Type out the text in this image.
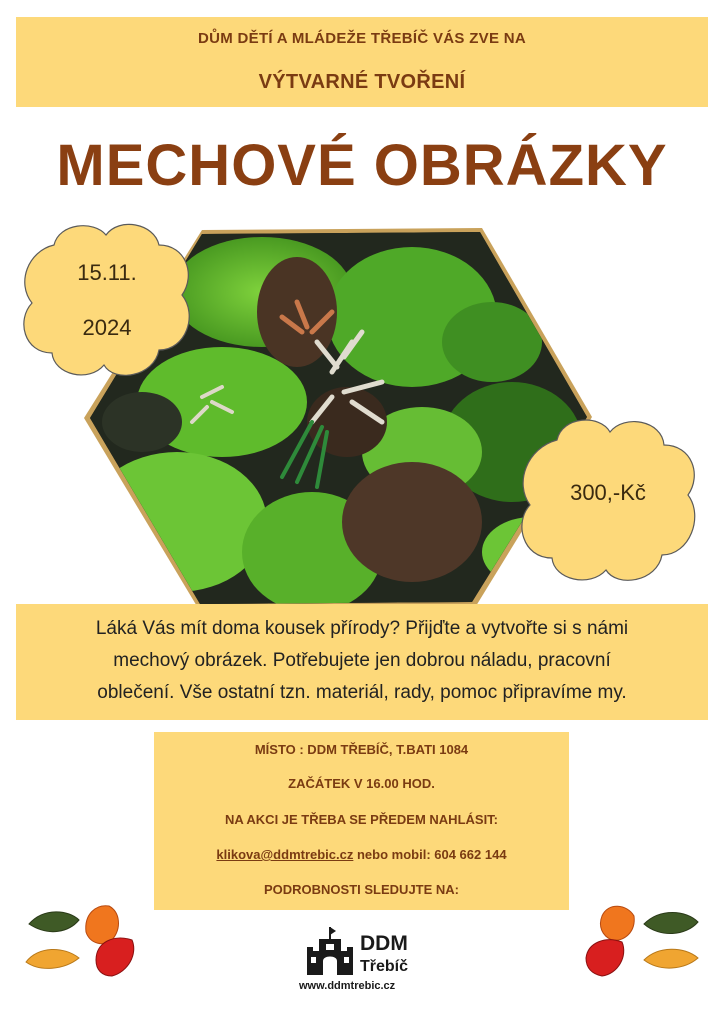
DŮM DĚTÍ A MLÁDEŽE TŘEBÍČ VÁS ZVE NA
VÝTVARNÉ TVOŘENÍ
MECHOVÉ OBRÁZKY
15.11.
2024
300,-Kč
Láká Vás mít doma kousek přírody? Přijďte a vytvořte si s námi
mechový obrázek. Potřebujete jen dobrou náladu, pracovní
oblečení. Vše ostatní tzn. materiál, rady, pomoc připravíme my.
MÍSTO : DDM TŘEBÍČ, T.BATI 1084
ZAČÁTEK V 16.00 HOD.
NA AKCI JE TŘEBA SE PŘEDEM NAHLÁSIT:
klikova@ddmtrebic.cz nebo mobil: 604 662 144
PODROBNOSTI SLEDUJTE NA:
DDM
Třebíč
www.ddmtrebic.cz
